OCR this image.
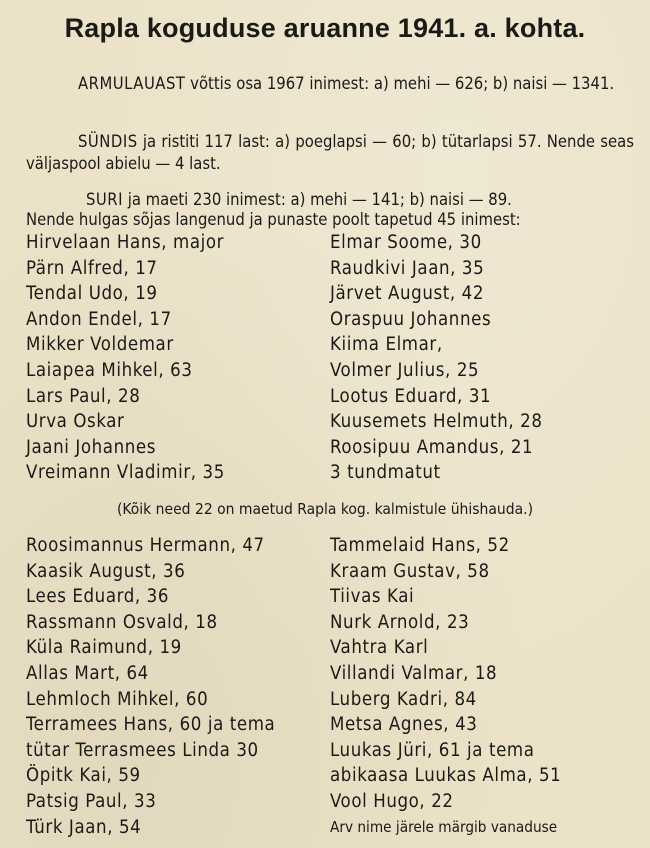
Rapla koguduse aruanne 1941. a. kohta.
ARMULAUAST võttis osa 1967 inimest: a) mehi — 626; b) naisi — 1341.
SÜNDIS ja ristiti 117 last: a) poeglapsi — 60; b) tütarlapsi 57. Nende seas väljaspool abielu — 4 last.
SURI ja maeti 230 inimest: a) mehi — 141; b) naisi — 89.
Nende hulgas sõjas langenud ja punaste poolt tapetud 45 inimest:
Hirvelaan Hans, major	Elmar Soome, 30
Pärn Alfred, 17	Raudkivi Jaan, 35
Tendal Udo, 19	Järvet August, 42
Andon Endel, 17	Oraspuu Johannes
Mikker Voldemar	Kiima Elmar,
Laiapea Mihkel, 63	Volmer Julius, 25
Lars Paul, 28	Lootus Eduard, 31
Urva Oskar	Kuusemets Helmuth, 28
Jaani Johannes	Roosipuu Amandus, 21
Vreimann Vladimir, 35	3 tundmatut
(Kõik need 22 on maetud Rapla kog. kalmistule ühishauda.)
Roosimannus Hermann, 47	Tammelaid Hans, 52
Kaasik August, 36	Kraam Gustav, 58
Lees Eduard, 36	Tiivas Kai
Rassmann Osvald, 18	Nurk Arnold, 23
Küla Raimund, 19	Vahtra Karl
Allas Mart, 64	Villandi Valmar, 18
Lehmloch Mihkel, 60	Luberg Kadri, 84
Terramees Hans, 60 ja tema	Metsa Agnes, 43
tütar Terrasmees Linda 30	Luukas Jüri, 61 ja tema
Öpitk Kai, 59	abikaasa Luukas Alma, 51
Patsig Paul, 33	Vool Hugo, 22
Türk Jaan, 54	Arv nime järele märgib vanaduse
